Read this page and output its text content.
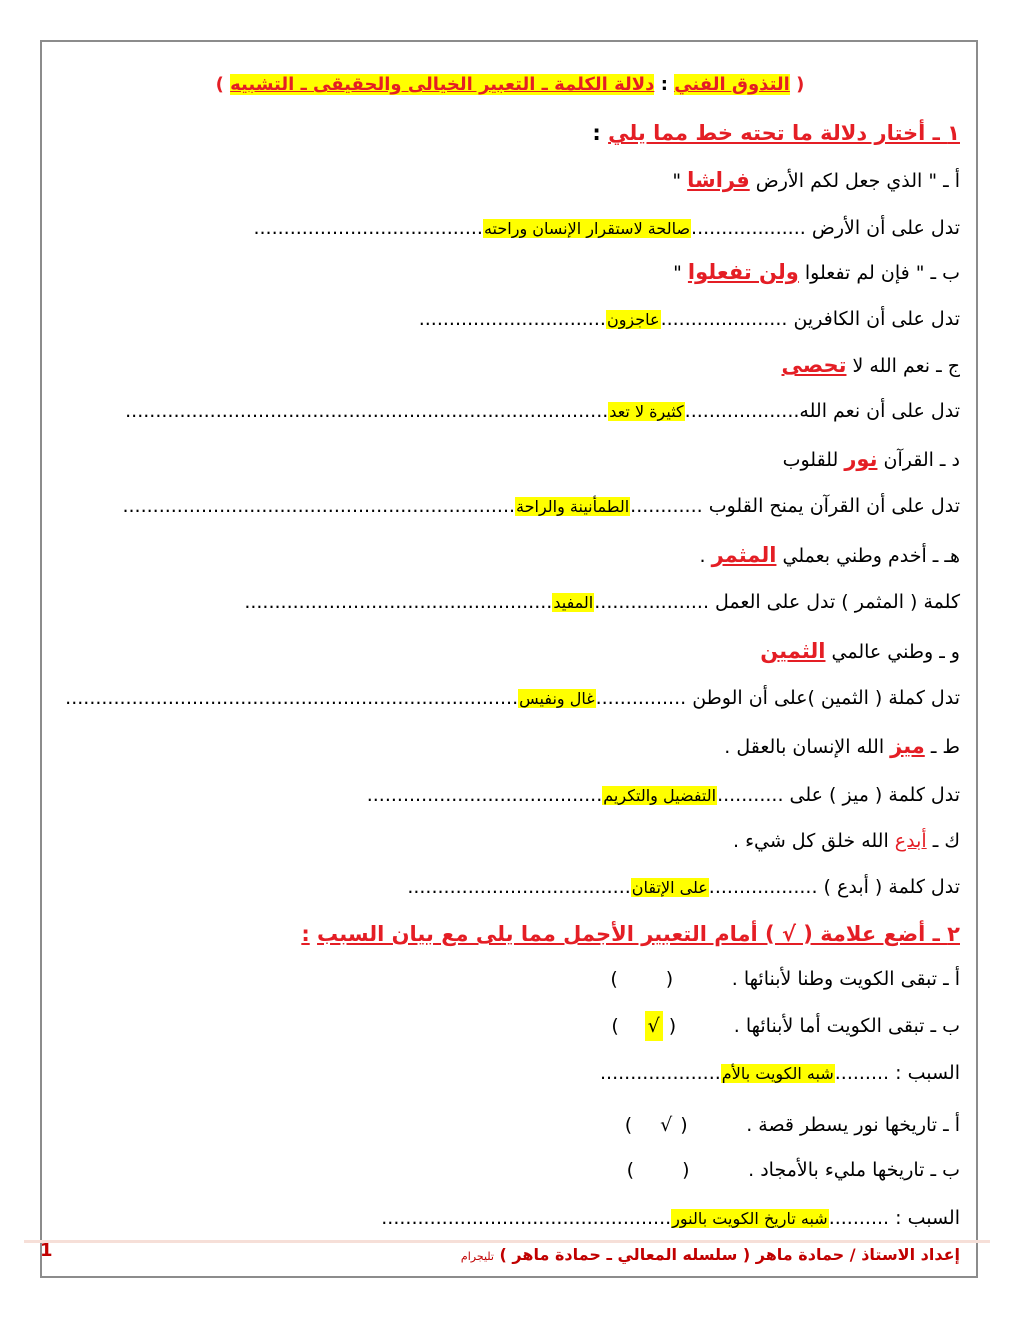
( التذوق الفني : دلالة الكلمة ـ التعبير الخيالى والحقيقى ـ التشبيه )
١ ـ أختار دلالة ما تحته خط مما يلي :
أ ـ " الذي جعل لكم الأرض فراشا "
تدل على أن الأرض ...................صالحة لاستقرار الإنسان وراحته......................................
ب ـ " فإن لم تفعلوا ولن تفعلوا "
تدل على أن الكافرين .....................عاجزون...............................
ج ـ نعم الله لا تحصى
تدل على أن نعم الله...................كثيرة لا تعد................................................................................
د ـ القرآن نور للقلوب
تدل على أن القرآن يمنح القلوب ............الطمأنينة والراحة.................................................................
هـ ـ أخدم وطني بعملي المثمر .
كلمة ( المثمر ) تدل على العمل ...................المفيد...................................................
و ـ وطني عالمي الثمين
تدل كملة ( الثمين )على أن الوطن ...............غال ونفيس...........................................................................
ط ـ ميز الله الإنسان بالعقل .
تدل كلمة ( ميز ) على ...........التفضيل والتكريم.......................................
ك ـ أبدع الله خلق كل شيء .
تدل كلمة ( أبدع ) ..................على الإتقان.....................................
٢ ـ أضع علامة ( √ ) أمام التعبير الأجمل مما يلى مع بيان السبب :
أ ـ تبقى الكويت وطنا لأبنائها .( )
ب ـ تبقى الكويت أما لأبنائها .( √)
السبب : .........شبه الكويت بالأم....................
أ ـ تاريخها نور يسطر قصة .( √)
ب ـ تاريخها مليء بالأمجاد .( )
السبب : ..........شبه تاريخ الكويت بالنور................................................
إعداد الاستاذ / حمادة ماهر ( سلسله المعالي ـ حمادة ماهر ) تليجرام
1
